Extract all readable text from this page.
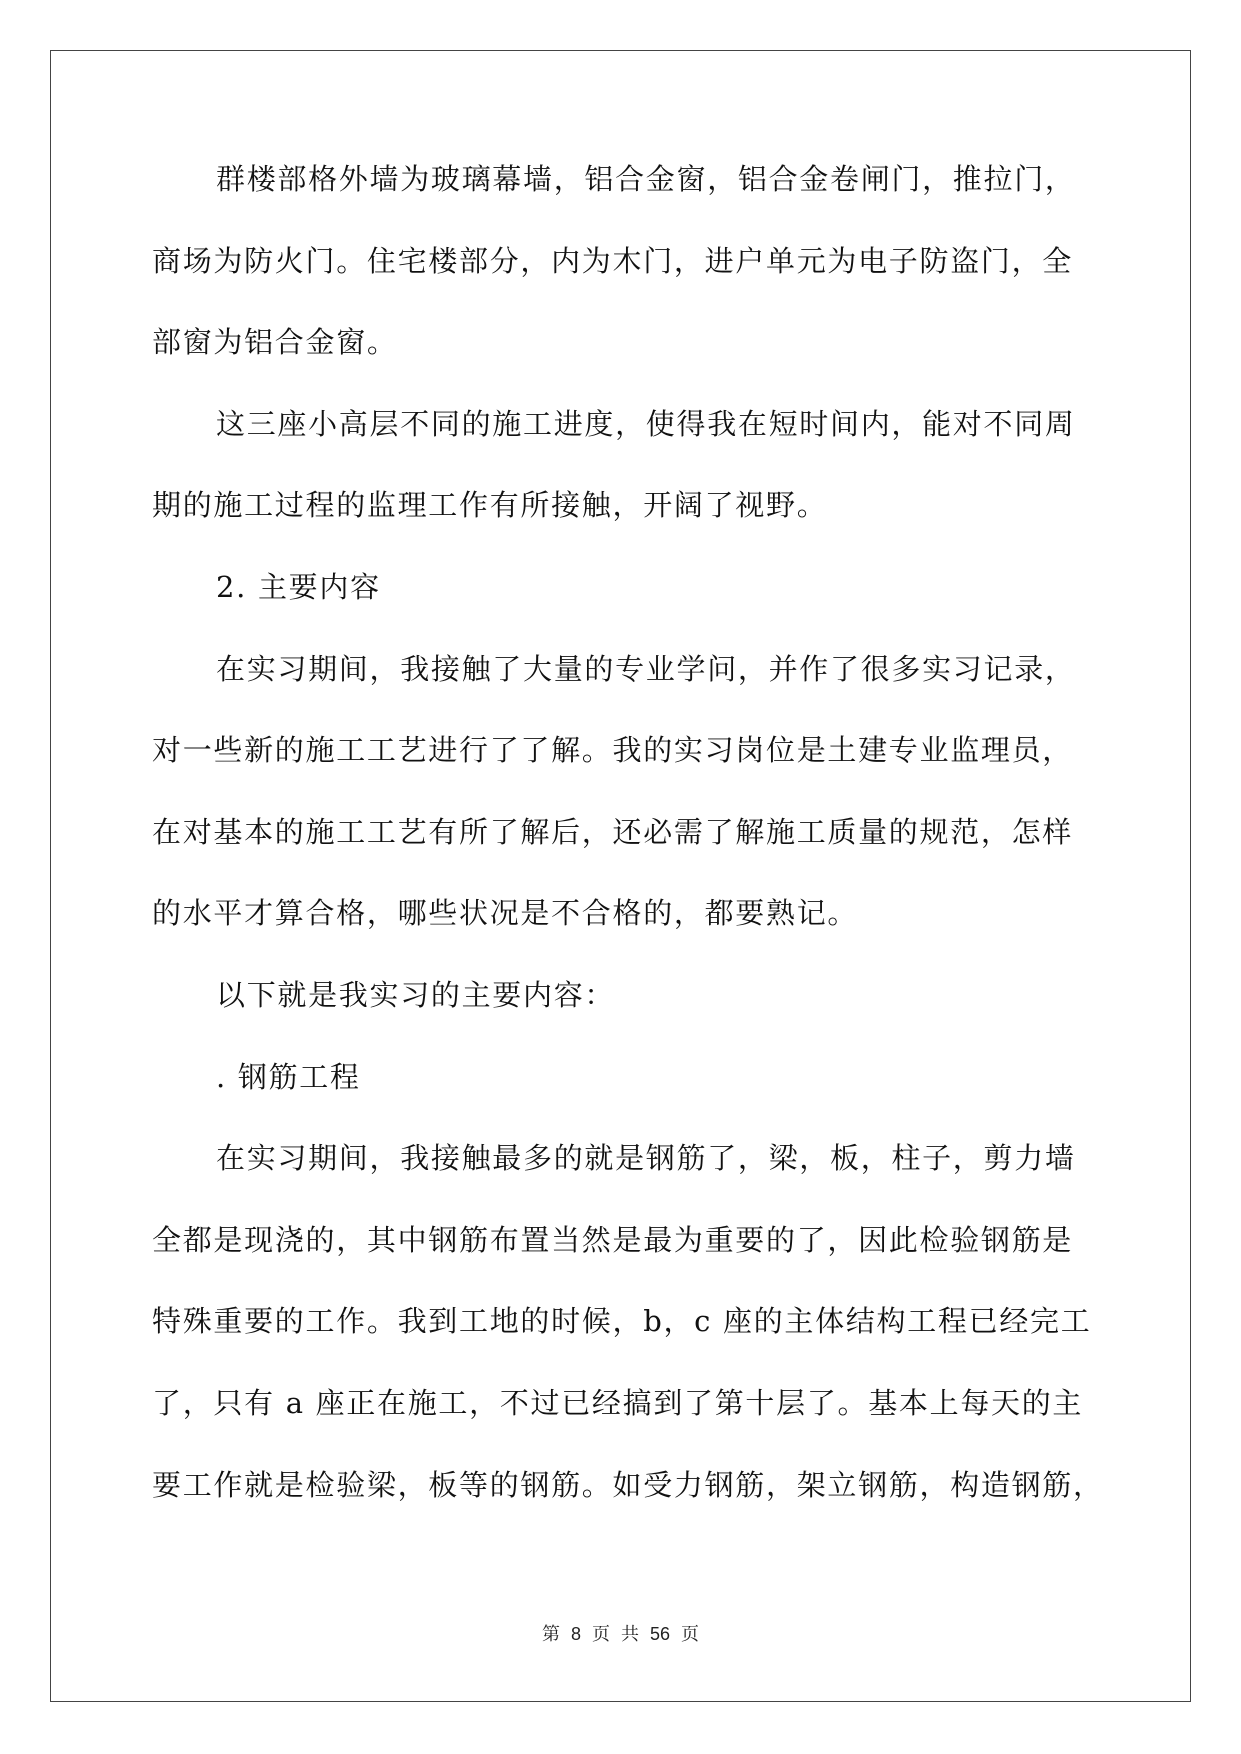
群楼部格外墙为玻璃幕墙，铝合金窗，铝合金卷闸门，推拉门，
商场为防火门。住宅楼部分，内为木门，进户单元为电子防盗门，全
部窗为铝合金窗。
这三座小高层不同的施工进度，使得我在短时间内，能对不同周
期的施工过程的监理工作有所接触，开阔了视野。
2. 主要内容
在实习期间，我接触了大量的专业学问，并作了很多实习记录，
对一些新的施工工艺进行了了解。我的实习岗位是土建专业监理员，
在对基本的施工工艺有所了解后，还必需了解施工质量的规范，怎样
的水平才算合格，哪些状况是不合格的，都要熟记。
以下就是我实习的主要内容：
. 钢筋工程
在实习期间，我接触最多的就是钢筋了，梁，板，柱子，剪力墙
全都是现浇的，其中钢筋布置当然是最为重要的了，因此检验钢筋是
特殊重要的工作。我到工地的时候，b，c 座的主体结构工程已经完工
了，只有 a 座正在施工，不过已经搞到了第十层了。基本上每天的主
要工作就是检验梁，板等的钢筋。如受力钢筋，架立钢筋，构造钢筋，
第 8 页 共 56 页
